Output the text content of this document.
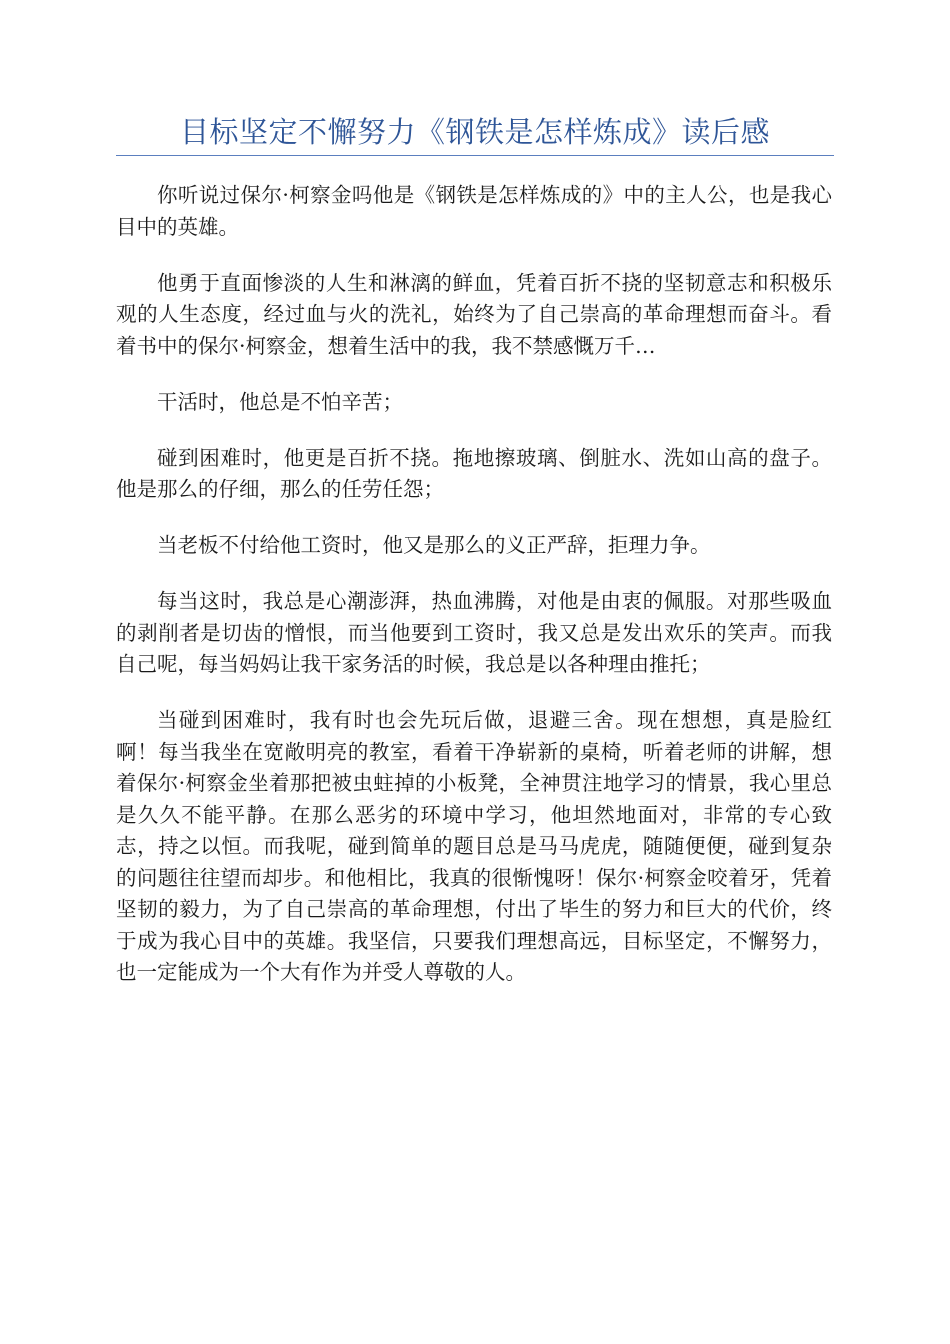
目标坚定不懈努力《钢铁是怎样炼成》读后感

你听说过保尔·柯察金吗他是《钢铁是怎样炼成的》中的主人公，也是我心目中的英雄。

他勇于直面惨淡的人生和淋漓的鲜血，凭着百折不挠的坚韧意志和积极乐观的人生态度，经过血与火的洗礼，始终为了自己崇高的革命理想而奋斗。看着书中的保尔·柯察金，想着生活中的我，我不禁感慨万千…

干活时，他总是不怕辛苦；

碰到困难时，他更是百折不挠。拖地擦玻璃、倒脏水、洗如山高的盘子。他是那么的仔细，那么的任劳任怨；

当老板不付给他工资时，他又是那么的义正严辞，拒理力争。

每当这时，我总是心潮澎湃，热血沸腾，对他是由衷的佩服。对那些吸血的剥削者是切齿的憎恨，而当他要到工资时，我又总是发出欢乐的笑声。而我自己呢，每当妈妈让我干家务活的时候，我总是以各种理由推托；

当碰到困难时，我有时也会先玩后做，退避三舍。现在想想，真是脸红啊！每当我坐在宽敞明亮的教室，看着干净崭新的桌椅，听着老师的讲解，想着保尔·柯察金坐着那把被虫蛀掉的小板凳，全神贯注地学习的情景，我心里总是久久不能平静。在那么恶劣的环境中学习，他坦然地面对，非常的专心致志，持之以恒。而我呢，碰到简单的题目总是马马虎虎，随随便便，碰到复杂的问题往往望而却步。和他相比，我真的很惭愧呀！保尔·柯察金咬着牙，凭着坚韧的毅力，为了自己崇高的革命理想，付出了毕生的努力和巨大的代价，终于成为我心目中的英雄。我坚信，只要我们理想高远，目标坚定，不懈努力，也一定能成为一个大有作为并受人尊敬的人。
